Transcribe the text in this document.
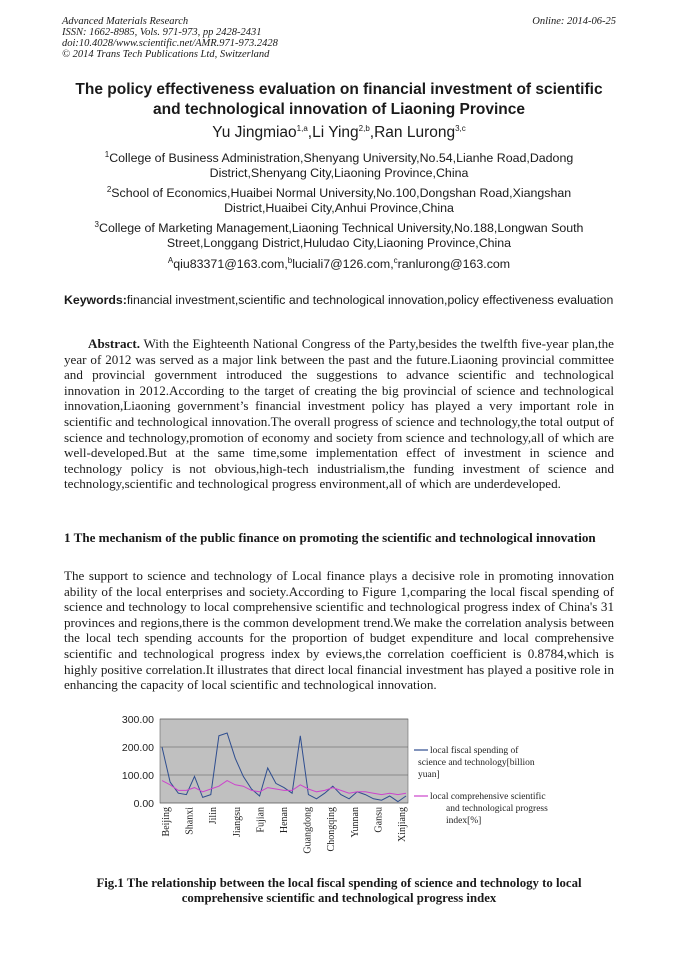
Advanced Materials Research
ISSN: 1662-8985, Vols. 971-973, pp 2428-2431
doi:10.4028/www.scientific.net/AMR.971-973.2428
© 2014 Trans Tech Publications Ltd, Switzerland
Online: 2014-06-25
The policy effectiveness evaluation on financial investment of scientific and technological innovation of Liaoning Province
Yu Jingmiao$^{1,a}$,Li Ying$^{2,b}$,Ran Lurong$^{3,c}$
$^1$College of Business Administration,Shenyang University,No.54,Lianhe Road,Dadong District,Shenyang City,Liaoning Province,China
$^2$School of Economics,Huaibei Normal University,No.100,Dongshan Road,Xiangshan District,Huaibei City,Anhui Province,China
$^3$College of Marketing Management,Liaoning Technical University,No.188,Longwan South Street,Longgang District,Huludao City,Liaoning Province,China
$^A$qiu83371@163.com,$^b$luciali7@126.com,$^c$ranlurong@163.com
Keywords:financial investment,scientific and technological innovation,policy effectiveness evaluation
Abstract. With the Eighteenth National Congress of the Party,besides the twelfth five-year plan,the year of 2012 was served as a major link between the past and the future.Liaoning provincial committee and provincial government introduced the suggestions to advance scientific and technological innovation in 2012.According to the target of creating the big provincial of science and technological innovation,Liaoning government’s financial investment policy has played a very important role in scientific and technological innovation.The overall progress of science and technology,the total output of science and technology,promotion of economy and society from science and technology,all of which are well-developed.But at the same time,some implementation effect of investment in science and technology policy is not obvious,high-tech industrialism,the funding investment of science and technology,scientific and technological progress environment,all of which are underdeveloped.
1 The mechanism of the public finance on promoting the scientific and technological innovation
The support to science and technology of Local finance plays a decisive role in promoting innovation ability of the local enterprises and society.According to Figure 1,comparing the local fiscal spending of science and technology to local comprehensive scientific and technological progress index of China's 31 provinces and regions,there is the common development trend.We make the correlation analysis between the local tech spending accounts for the proportion of budget expenditure and local comprehensive scientific and technological progress index by eviews,the correlation coefficient is 0.8784,which is highly positive correlation.It illustrates that direct local financial investment has played a positive role in enhancing the capacity of local scientific and technological innovation.
300.00
200.00
100.00
0.00
Beijing Shanxi Jilin Jiangsu Fujian Henan Guangdong Chongqing Yunnan Gansu Xinjiang
local fiscal spending of
science and technology[billion
yuan]
local comprehensive scientific
and technological progress
index[%]
Fig.1 The relationship between the local fiscal spending of science and technology to local comprehensive scientific and technological progress index
